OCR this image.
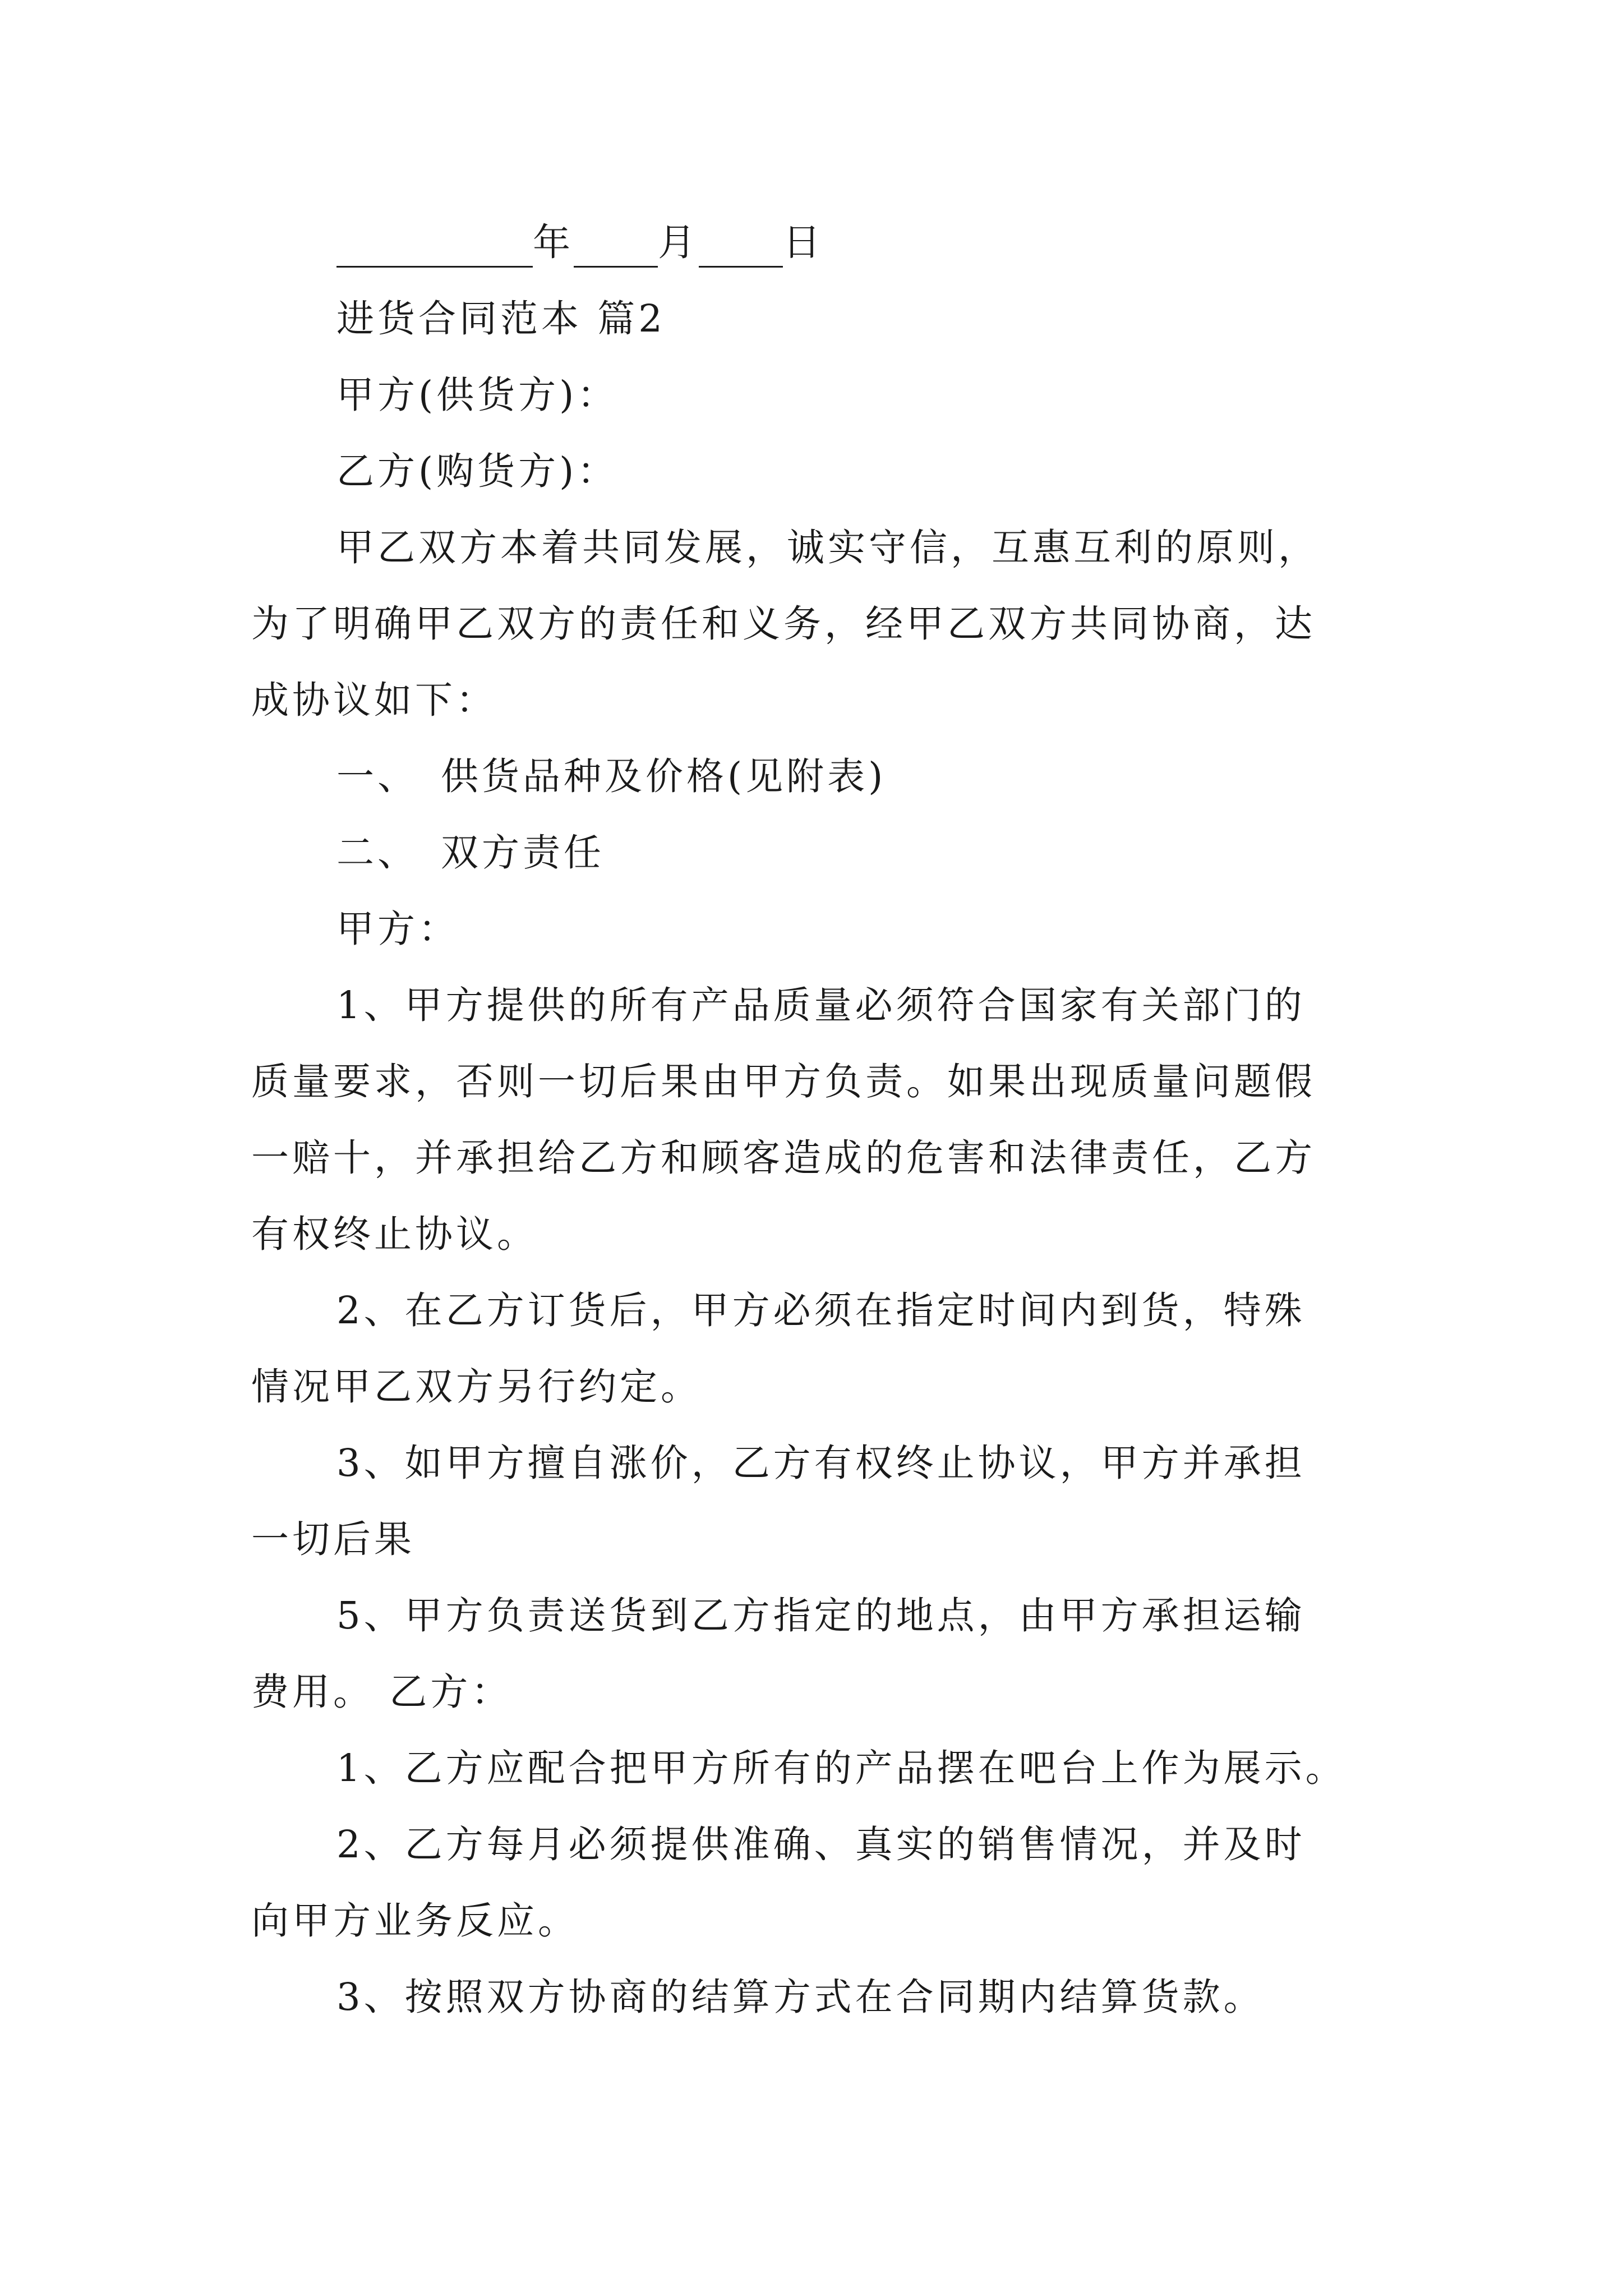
年 月 日
进货合同范本 篇2
甲方(供货方)：
乙方(购货方)：
甲乙双方本着共同发展，诚实守信，互惠互利的原则，
为了明确甲乙双方的责任和义务，经甲乙双方共同协商，达
成协议如下：
一、 供货品种及价格(见附表)
二、 双方责任
甲方：
1、甲方提供的所有产品质量必须符合国家有关部门的
质量要求，否则一切后果由甲方负责。如果出现质量问题假
一赔十，并承担给乙方和顾客造成的危害和法律责任，乙方
有权终止协议。
2、在乙方订货后，甲方必须在指定时间内到货，特殊
情况甲乙双方另行约定。
3、如甲方擅自涨价，乙方有权终止协议，甲方并承担
一切后果
5、甲方负责送货到乙方指定的地点，由甲方承担运输
费用。 乙方：
1、乙方应配合把甲方所有的产品摆在吧台上作为展示。
2、乙方每月必须提供准确、真实的销售情况，并及时
向甲方业务反应。
3、按照双方协商的结算方式在合同期内结算货款。
